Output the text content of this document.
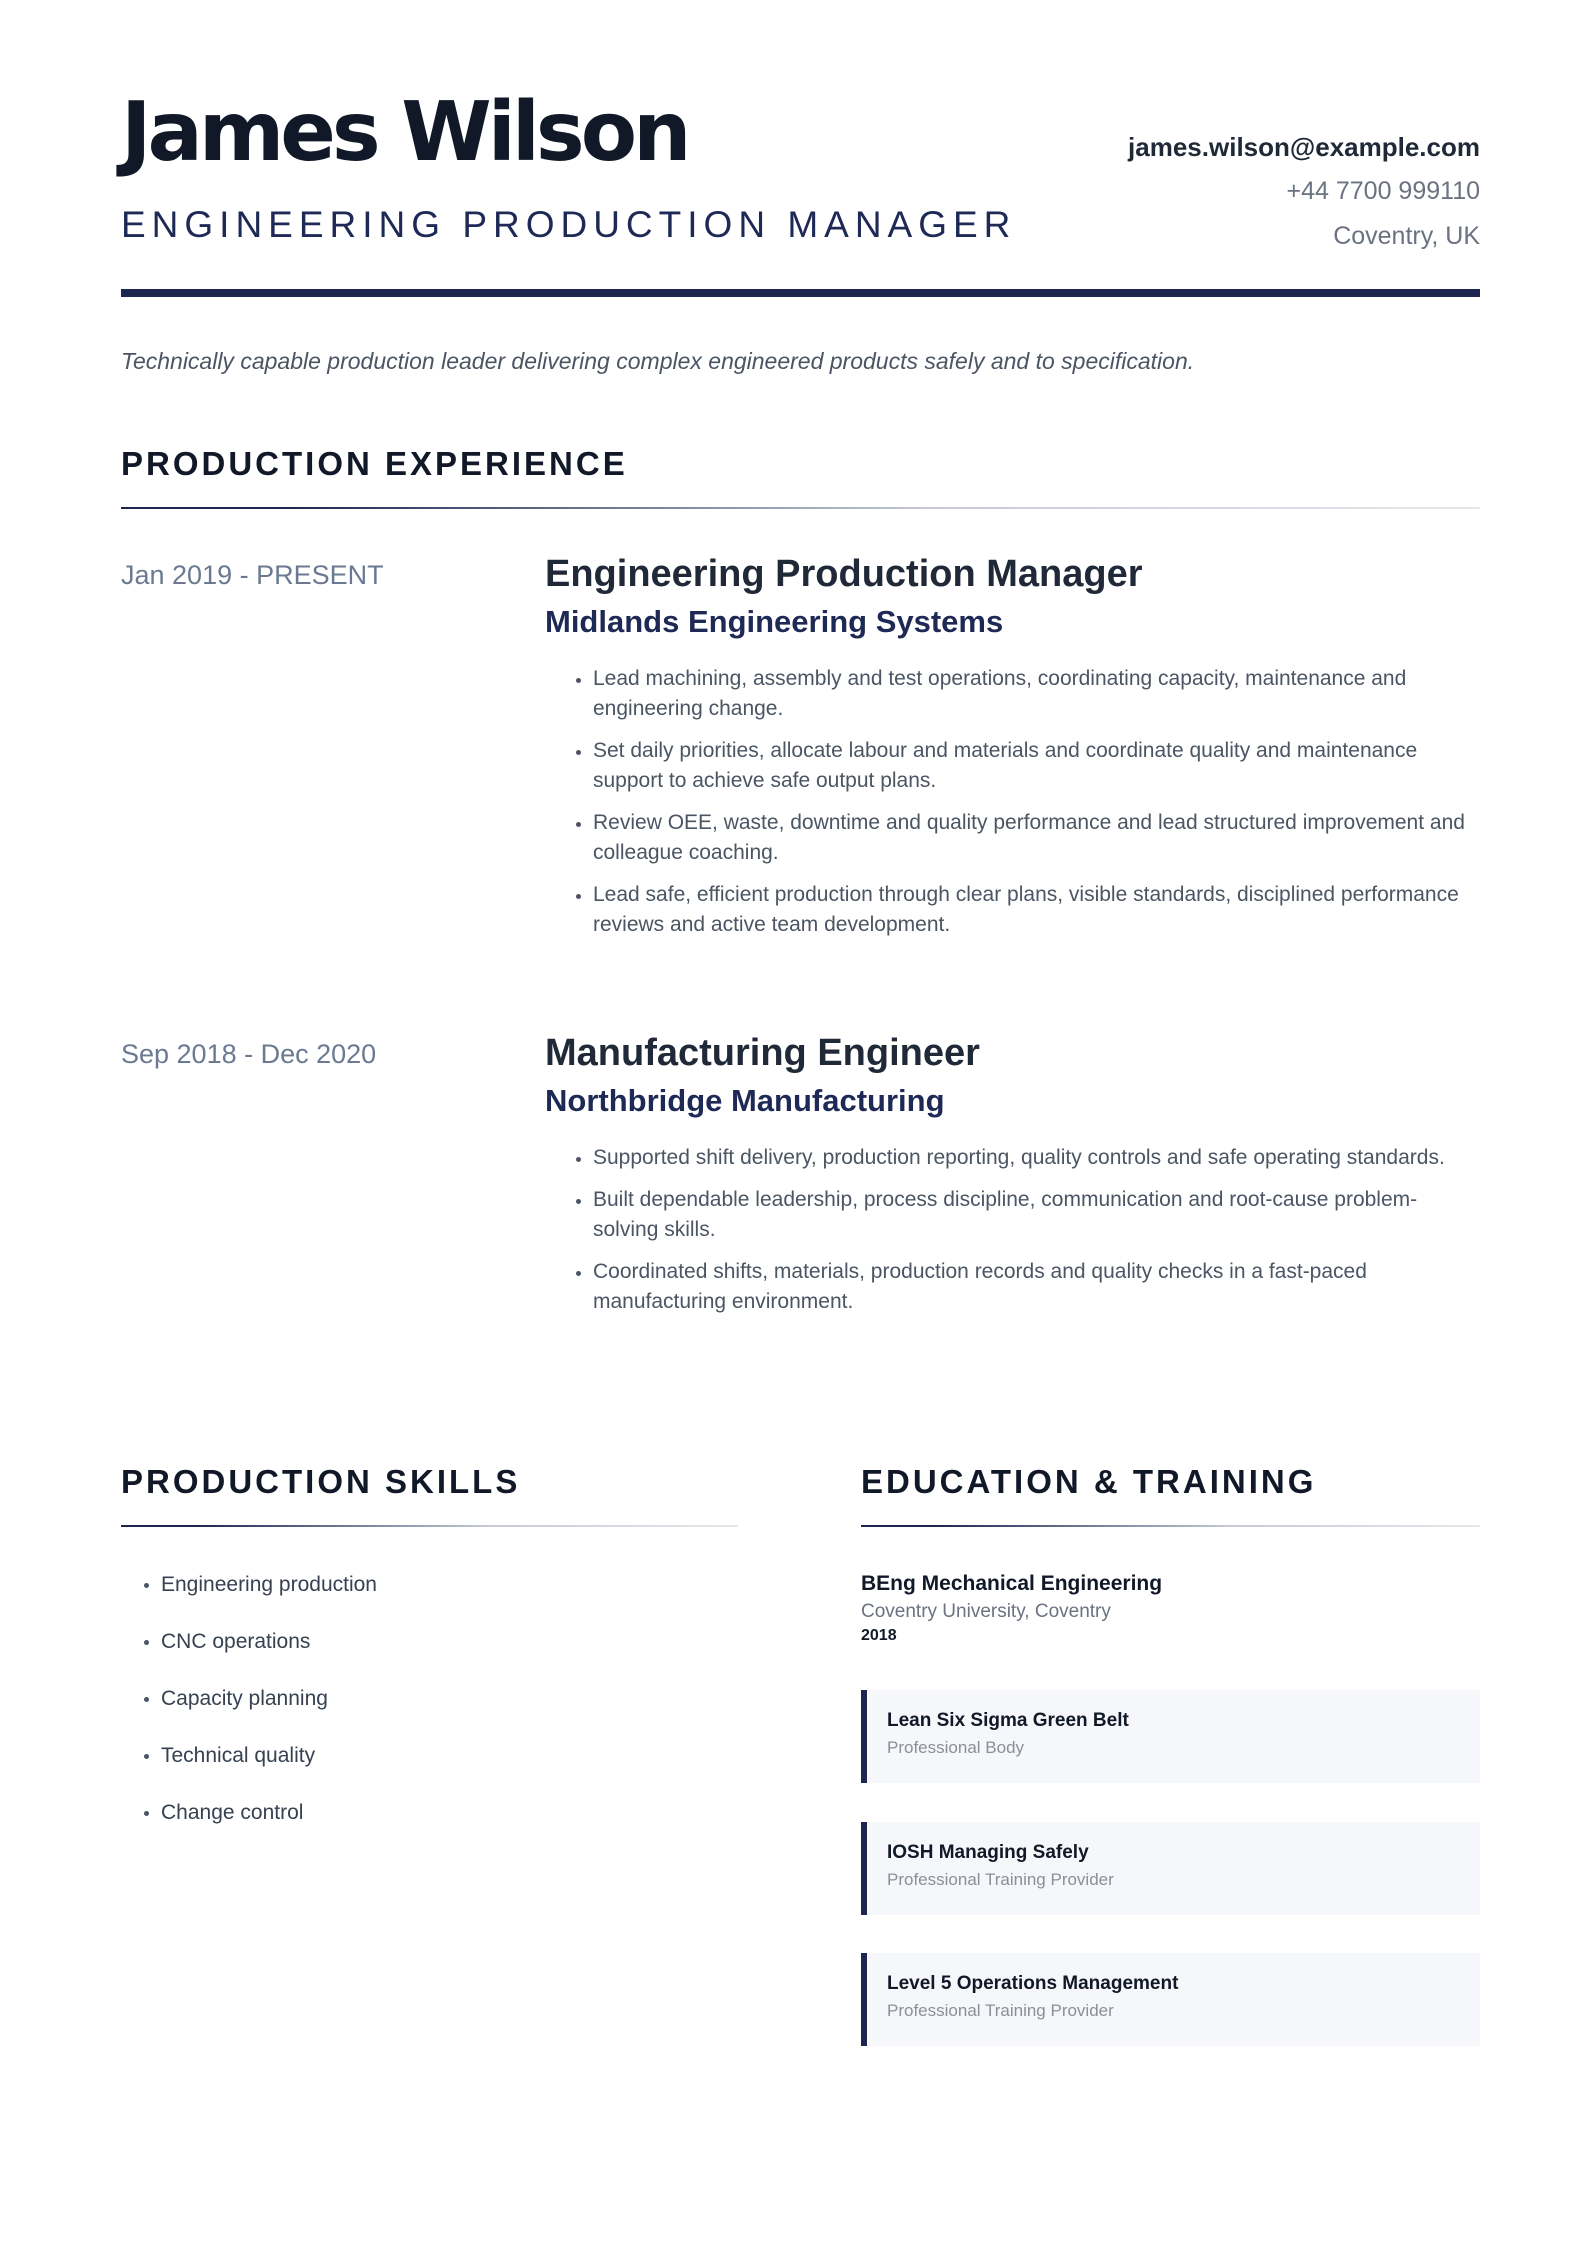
James Wilson
ENGINEERING PRODUCTION MANAGER
james.wilson@example.com
+44 7700 999110
Coventry, UK
Technically capable production leader delivering complex engineered products safely and to specification.
PRODUCTION EXPERIENCE
Jan 2019 - PRESENT	Engineering Production Manager
Midlands Engineering Systems
• Lead machining, assembly and test operations, coordinating capacity, maintenance and engineering change.
• Set daily priorities, allocate labour and materials and coordinate quality and maintenance support to achieve safe output plans.
• Review OEE, waste, downtime and quality performance and lead structured improvement and colleague coaching.
• Lead safe, efficient production through clear plans, visible standards, disciplined performance reviews and active team development.
Sep 2018 - Dec 2020	Manufacturing Engineer
Northbridge Manufacturing
• Supported shift delivery, production reporting, quality controls and safe operating standards.
• Built dependable leadership, process discipline, communication and root-cause problem-solving skills.
• Coordinated shifts, materials, production records and quality checks in a fast-paced manufacturing environment.
PRODUCTION SKILLS
• Engineering production
• CNC operations
• Capacity planning
• Technical quality
• Change control
EDUCATION & TRAINING
BEng Mechanical Engineering
Coventry University, Coventry
2018
Lean Six Sigma Green Belt
Professional Body
IOSH Managing Safely
Professional Training Provider
Level 5 Operations Management
Professional Training Provider
